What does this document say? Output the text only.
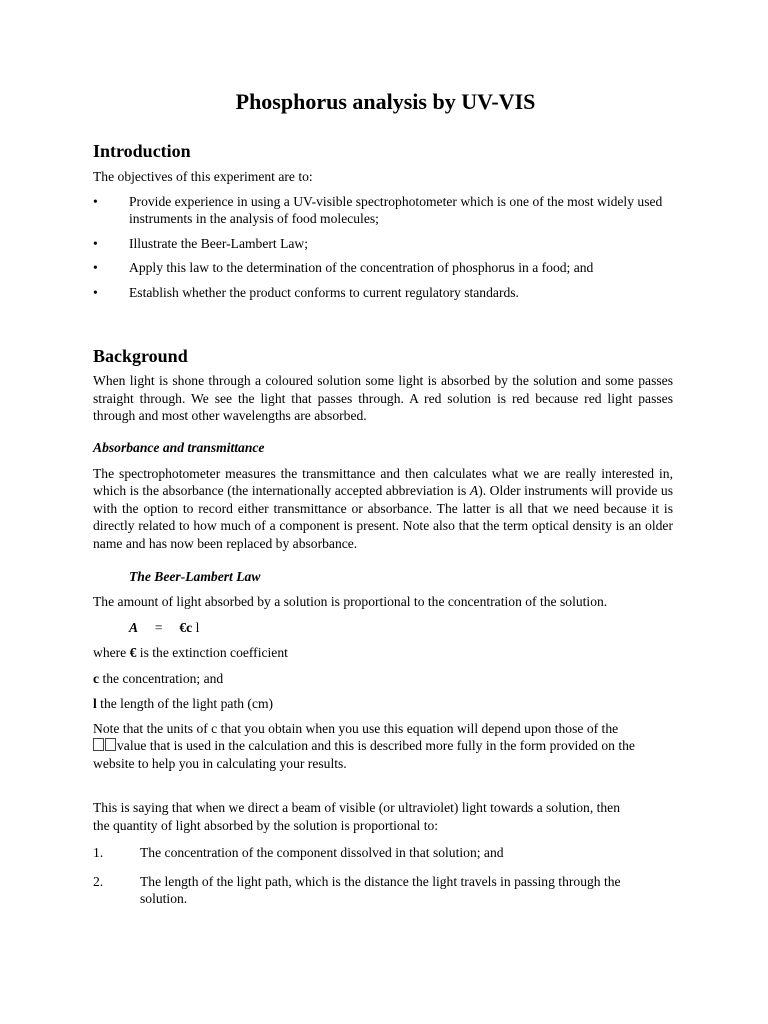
Phosphorus analysis by UV-VIS
Introduction

The objectives of this experiment are to:

• Provide experience in using a UV-visible spectrophotometer which is one of the most widely used instruments in the analysis of food molecules;
• Illustrate the Beer-Lambert Law;
• Apply this law to the determination of the concentration of phosphorus in a food; and
• Establish whether the product conforms to current regulatory standards.
Background

When light is shone through a coloured solution some light is absorbed by the solution and some passes straight through. We see the light that passes through. A red solution is red because red light passes through and most other wavelengths are absorbed.

Absorbance and transmittance

The spectrophotometer measures the transmittance and then calculates what we are really interested in, which is the absorbance (the internationally accepted abbreviation is A). Older instruments will provide us with the option to record either transmittance or absorbance. The latter is all that we need because it is directly related to how much of a component is present. Note also that the term optical density is an older name and has now been replaced by absorbance.

The Beer-Lambert Law

The amount of light absorbed by a solution is proportional to the concentration of the solution.

A = €c l

where € is the extinction coefficient

c the concentration; and

l the length of the light path (cm)

Note that the units of c that you obtain when you use this equation will depend upon those of the
value that is used in the calculation and this is described more fully in the form provided on the website to help you in calculating your results.

This is saying that when we direct a beam of visible (or ultraviolet) light towards a solution, then the quantity of light absorbed by the solution is proportional to:

1.	The concentration of the component dissolved in that solution; and
2.	The length of the light path, which is the distance the light travels in passing through the solution.
